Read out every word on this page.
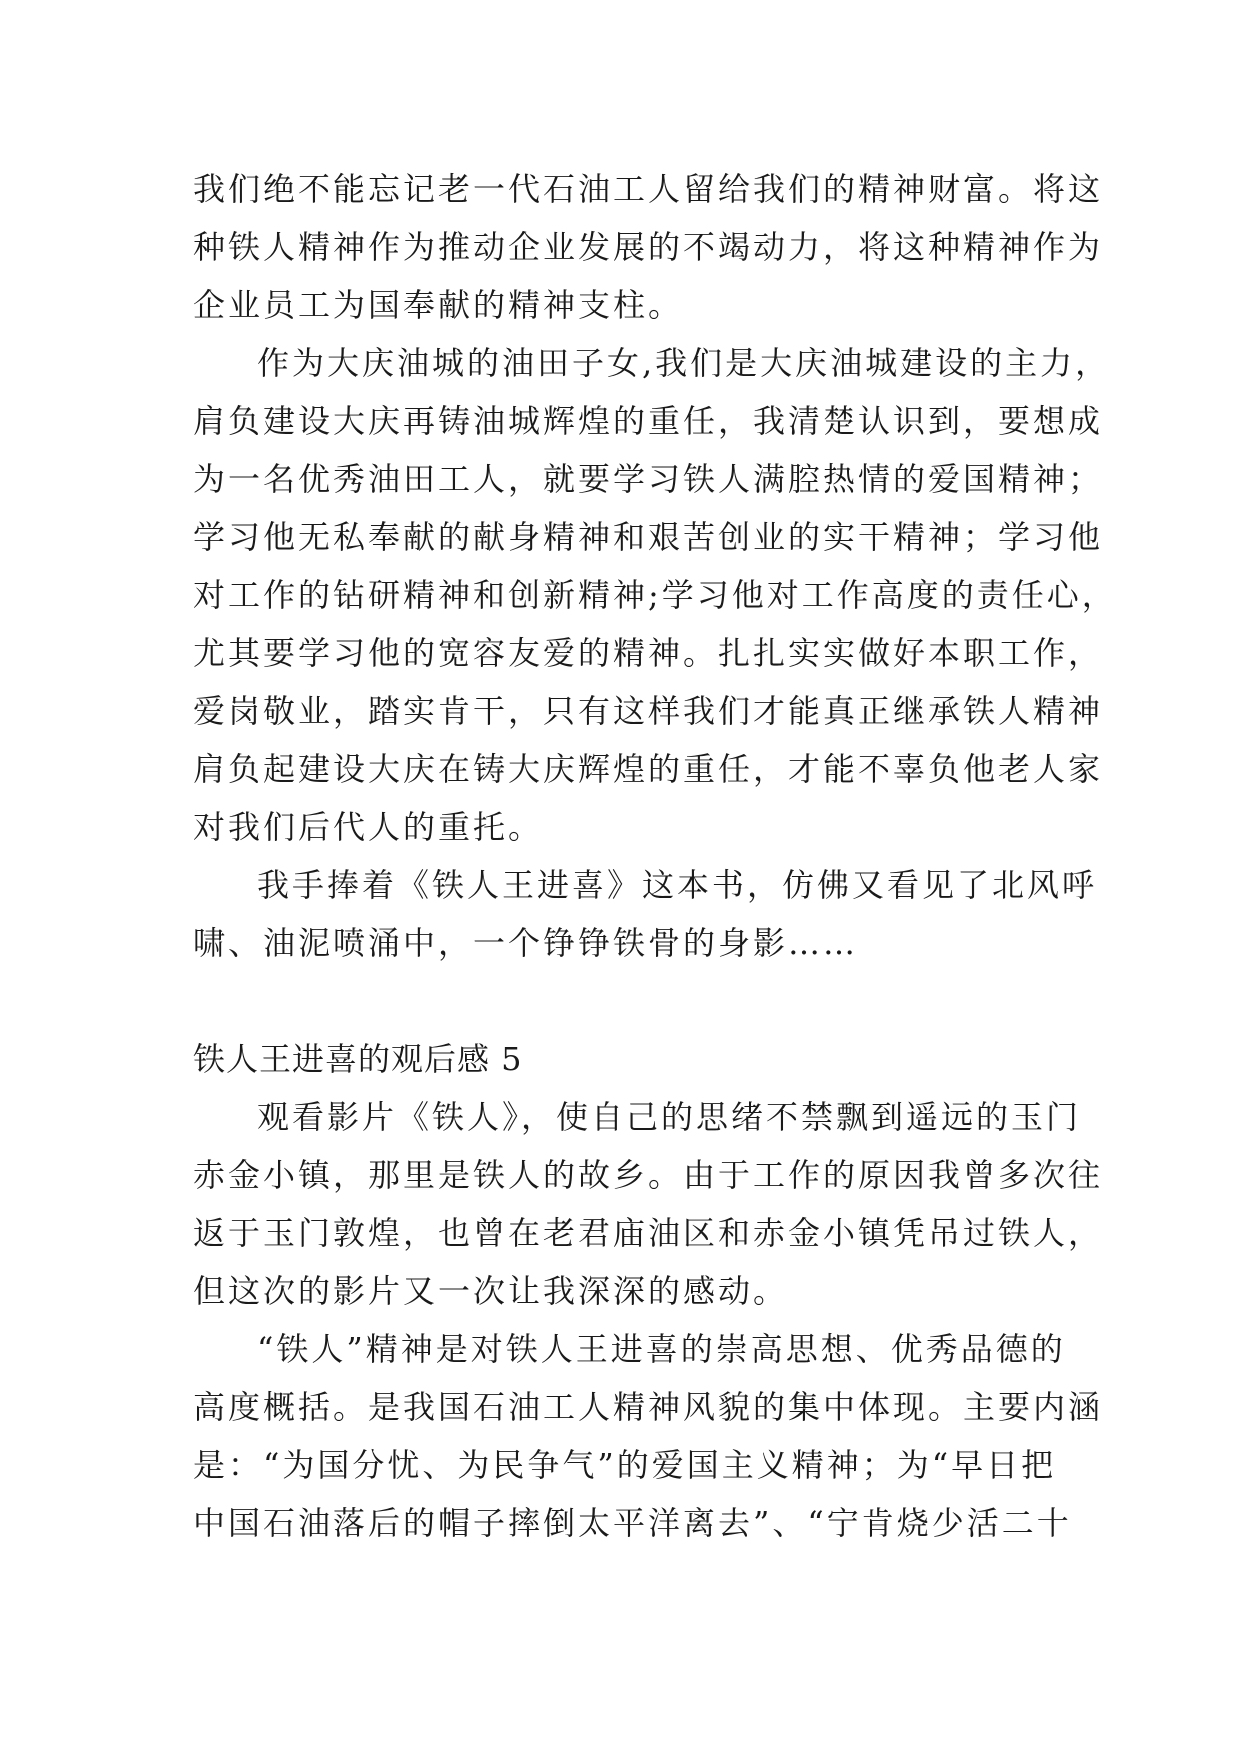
我们绝不能忘记老一代石油工人留给我们的精神财富。将这
种铁人精神作为推动企业发展的不竭动力，将这种精神作为
企业员工为国奉献的精神支柱。
作为大庆油城的油田子女,我们是大庆油城建设的主力，
肩负建设大庆再铸油城辉煌的重任，我清楚认识到，要想成
为一名优秀油田工人，就要学习铁人满腔热情的爱国精神；
学习他无私奉献的献身精神和艰苦创业的实干精神；学习他
对工作的钻研精神和创新精神;学习他对工作高度的责任心，
尤其要学习他的宽容友爱的精神。扎扎实实做好本职工作，
爱岗敬业，踏实肯干，只有这样我们才能真正继承铁人精神
肩负起建设大庆在铸大庆辉煌的重任，才能不辜负他老人家
对我们后代人的重托。
我手捧着《铁人王进喜》这本书，仿佛又看见了北风呼
啸、油泥喷涌中，一个铮铮铁骨的身影……
铁人王进喜的观后感 5
观看影片《铁人》，使自己的思绪不禁飘到遥远的玉门
赤金小镇，那里是铁人的故乡。由于工作的原因我曾多次往
返于玉门敦煌，也曾在老君庙油区和赤金小镇凭吊过铁人，
但这次的影片又一次让我深深的感动。
“铁人”精神是对铁人王进喜的崇高思想、优秀品德的
高度概括。是我国石油工人精神风貌的集中体现。主要内涵
是：“为国分忧、为民争气”的爱国主义精神；为“早日把
中国石油落后的帽子摔倒太平洋离去”、“宁肯烧少活二十
